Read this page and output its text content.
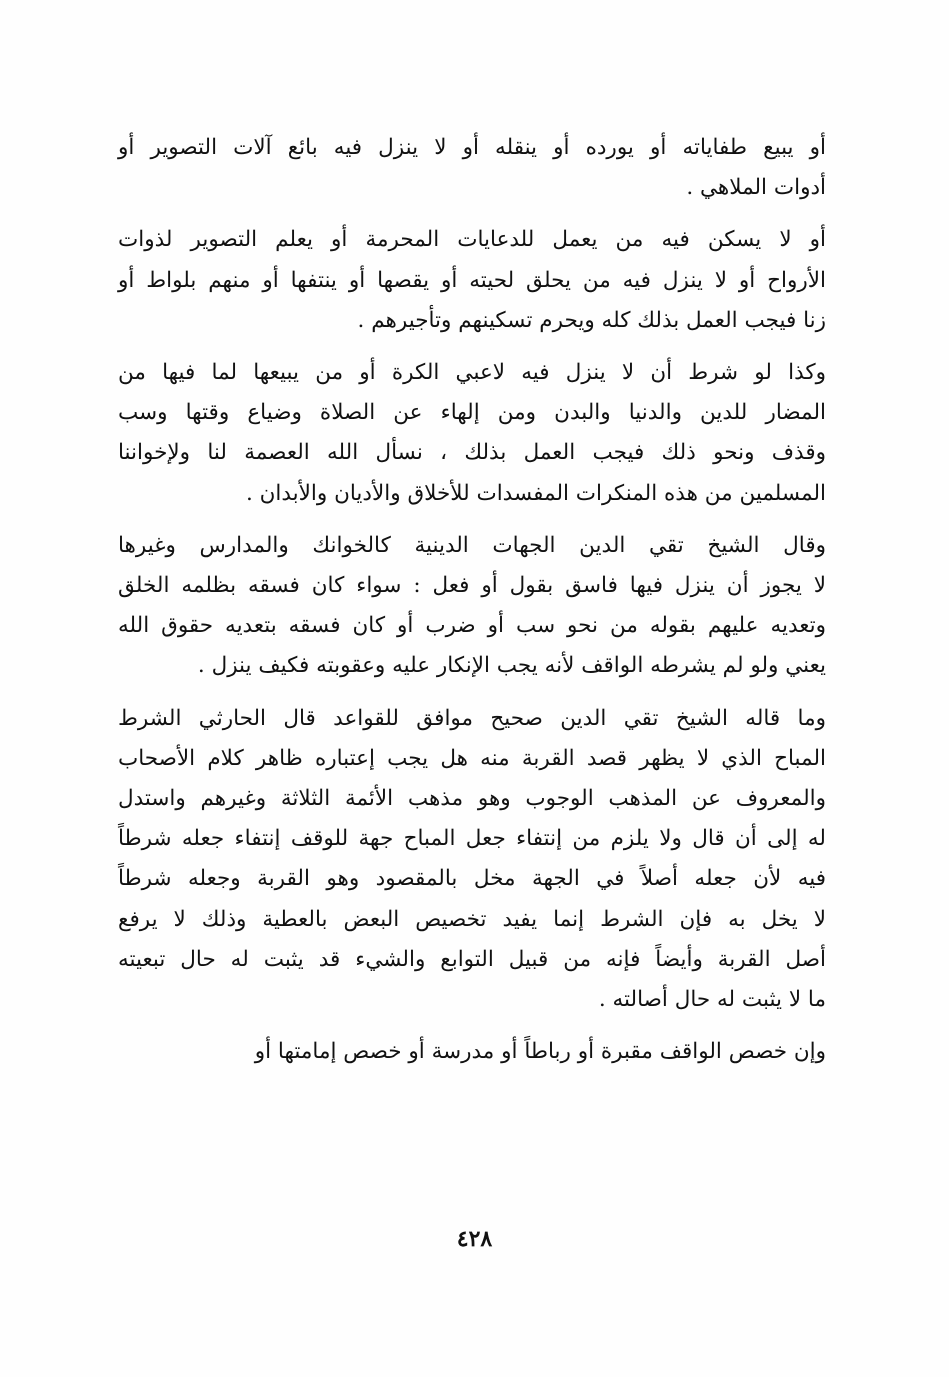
أو يبيع طفاياته أو يورده أو ينقله أو لا ينزل فيه بائع آلات التصوير أو
أدوات الملاهي .

أو لا يسكن فيه من يعمل للدعايات المحرمة أو يعلم التصوير لذوات
الأرواح أو لا ينزل فيه من يحلق لحيته أو يقصها أو ينتفها أو منهم بلواط أو
زنا فيجب العمل بذلك كله ويحرم تسكينهم وتأجيرهم .

وكذا لو شرط أن لا ينزل فيه لاعبي الكرة أو من يبيعها لما فيها من
المضار للدين والدنيا والبدن ومن إلهاء عن الصلاة وضياع وقتها وسب
وقذف ونحو ذلك فيجب العمل بذلك ، نسأل الله العصمة لنا ولإخواننا
المسلمين من هذه المنكرات المفسدات للأخلاق والأديان والأبدان .

وقال الشيخ تقي الدين الجهات الدينية كالخوانك والمدارس وغيرها
لا يجوز أن ينزل فيها فاسق بقول أو فعل : سواء كان فسقه بظلمه الخلق
وتعديه عليهم بقوله من نحو سب أو ضرب أو كان فسقه بتعديه حقوق الله
يعني ولو لم يشرطه الواقف لأنه يجب الإنكار عليه وعقوبته فكيف ينزل .

وما قاله الشيخ تقي الدين صحيح موافق للقواعد قال الحارثي الشرط
المباح الذي لا يظهر قصد القربة منه هل يجب إعتباره ظاهر كلام الأصحاب
والمعروف عن المذهب الوجوب وهو مذهب الأئمة الثلاثة وغيرهم واستدل
له إلى أن قال ولا يلزم من إنتفاء جعل المباح جهة للوقف إنتفاء جعله شرطاً
فيه لأن جعله أصلاً في الجهة مخل بالمقصود وهو القربة وجعله شرطاً
لا يخل به فإن الشرط إنما يفيد تخصيص البعض بالعطية وذلك لا يرفع
أصل القربة وأيضاً فإنه من قبيل التوابع والشيء قد يثبت له حال تبعيته
ما لا يثبت له حال أصالته .

وإن خصص الواقف مقبرة أو رباطاً أو مدرسة أو خصص إمامتها أو

٤٢٨
